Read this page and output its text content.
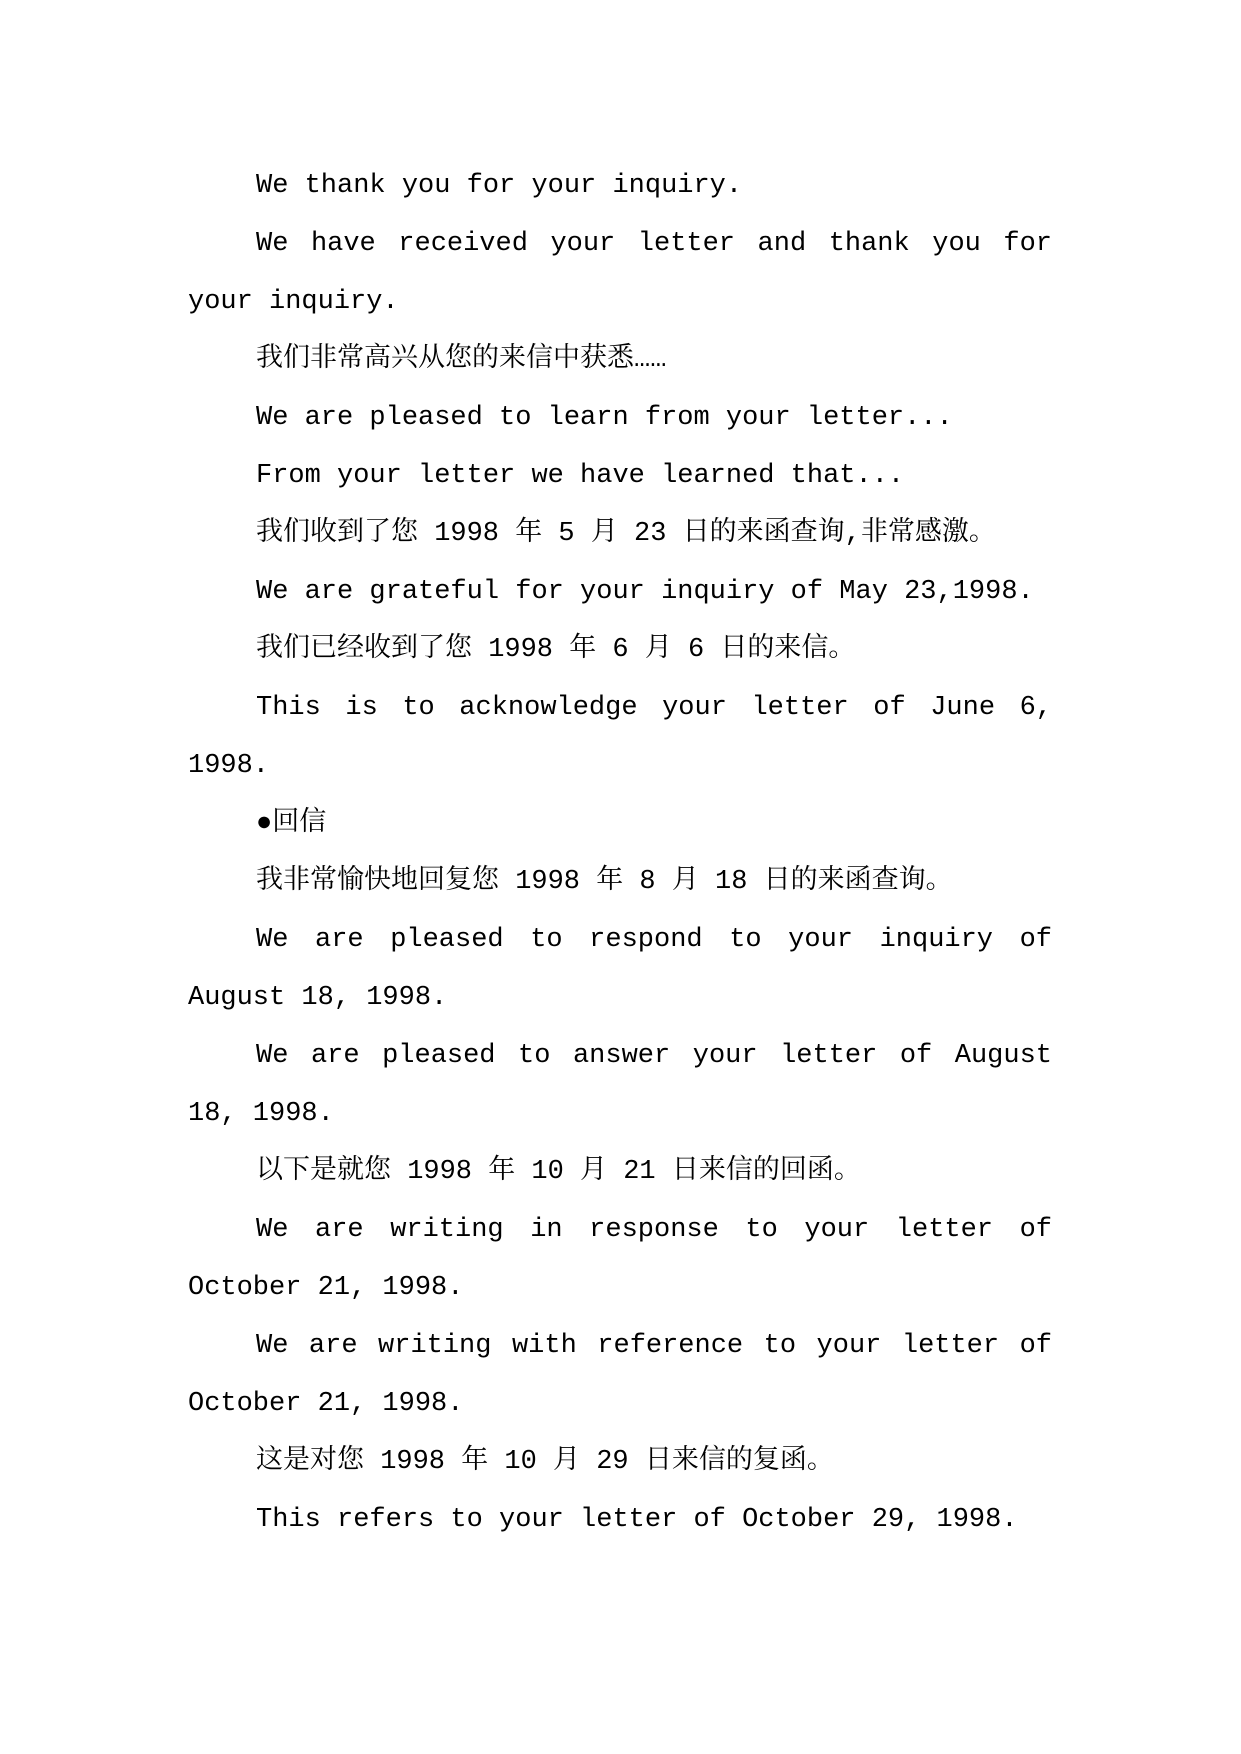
We thank you for your inquiry.

We have received your letter and thank you for your inquiry.

我们非常高兴从您的来信中获悉……

We are pleased to learn from your letter...

From your letter we have learned that...

我们收到了您 1998 年 5 月 23 日的来函查询,非常感激。

We are grateful for your inquiry of May 23,1998.

我们已经收到了您 1998 年 6 月 6 日的来信。

This is to acknowledge your letter of June 6, 1998.

●回信

我非常愉快地回复您 1998 年 8 月 18 日的来函查询。

We are pleased to respond to your inquiry of August 18, 1998.

We are pleased to answer your letter of August 18, 1998.

以下是就您 1998 年 10 月 21 日来信的回函。

We are writing in response to your letter of October 21, 1998.

We are writing with reference to your letter of October 21, 1998.

这是对您 1998 年 10 月 29 日来信的复函。

This refers to your letter of October 29, 1998.
